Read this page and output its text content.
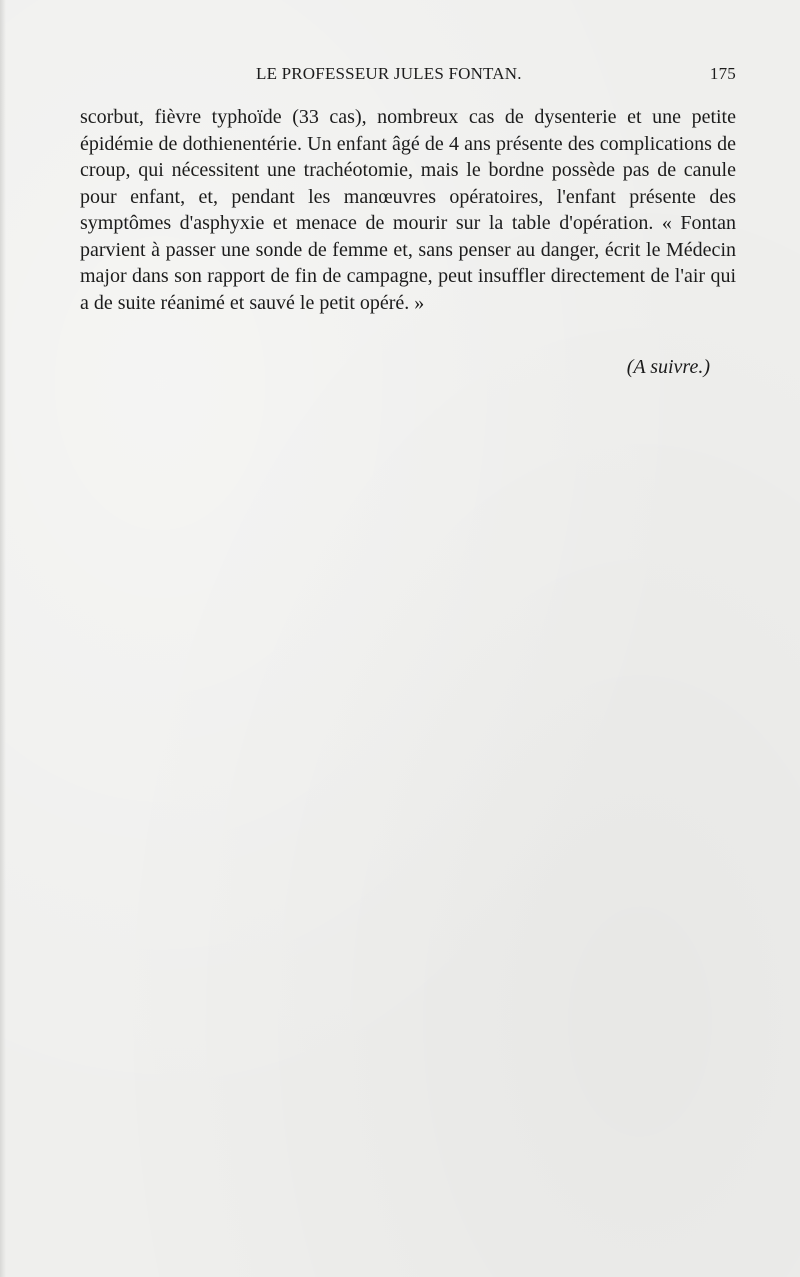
LE PROFESSEUR JULES FONTAN.	175

scorbut, fièvre typhoïde (33 cas), nombreux cas de dysenterie et une petite épidémie de dothienentérie. Un enfant âgé de 4 ans présente des complications de croup, qui nécessitent une trachéotomie, mais le bordne possède pas de canule pour enfant, et, pendant les manœuvres opératoires, l'enfant présente des symptômes d'asphyxie et menace de mourir sur la table d'opération. « Fontan parvient à passer une sonde de femme et, sans penser au danger, écrit le Médecin major dans son rapport de fin de campagne, peut insuffler directement de l'air qui a de suite réanimé et sauvé le petit opéré. »

(A suivre.)
